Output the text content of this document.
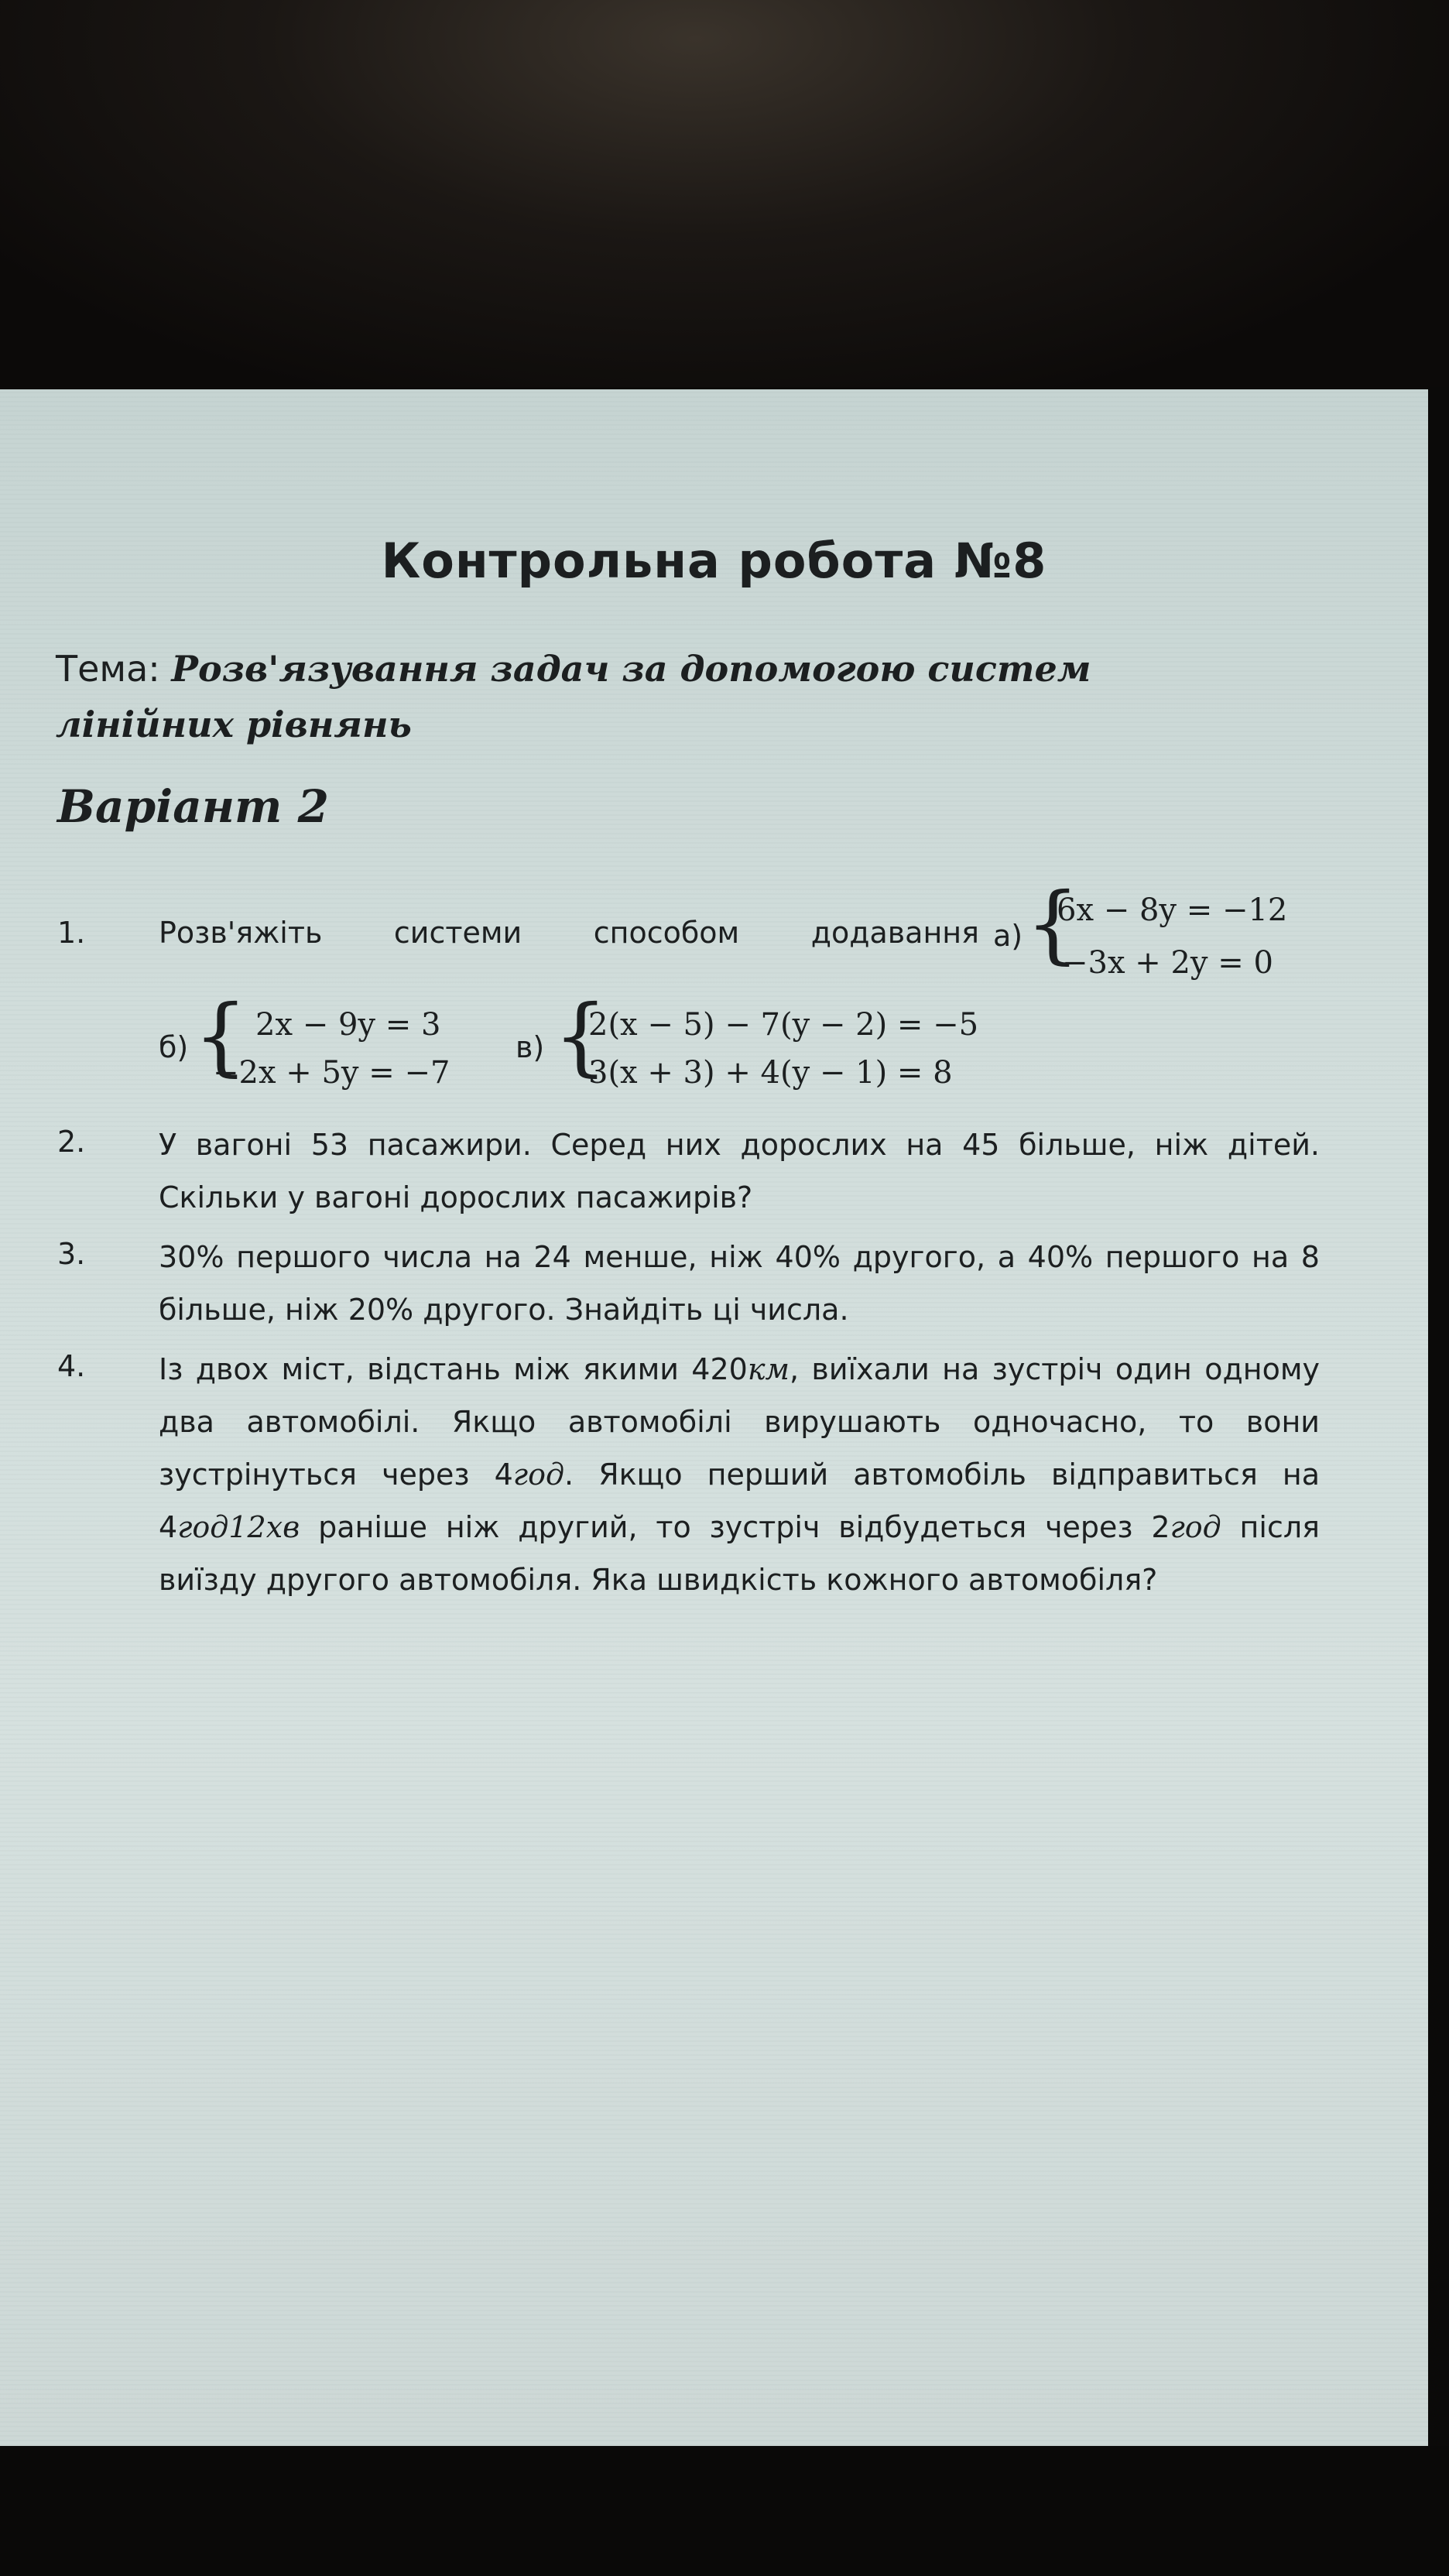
Контрольна робота №8
Тема: Розв'язування задач за допомогою систем лінійних рівнянь
Варіант 2
1. Розв'яжіть системи способом додавання а) {
6x − 8y = −12
−3x + 2y = 0
б) { 2x − 9y = 3
−2x + 5y = −7
в) {
2(x − 5) − 7(y − 2) = −5
3(x + 3) + 4(y − 1) = 8
2. У вагоні 53 пасажири. Серед них дорослих на 45 більше, ніж дітей. Скільки у вагоні дорослих пасажирів?
3. 30% першого числа на 24 менше, ніж 40% другого, а 40% першого на 8 більше, ніж 20% другого. Знайдіть ці числа.
4. Із двох міст, відстань між якими 420км, виїхали на зустріч один одному два автомобілі. Якщо автомобілі вирушають одночасно, то вони зустрінуться через 4год. Якщо перший автомобіль відправиться на 4год12хв раніше ніж другий, то зустріч відбудеться через 2год після виїзду другого автомобіля. Яка швидкість кожного автомобіля?
